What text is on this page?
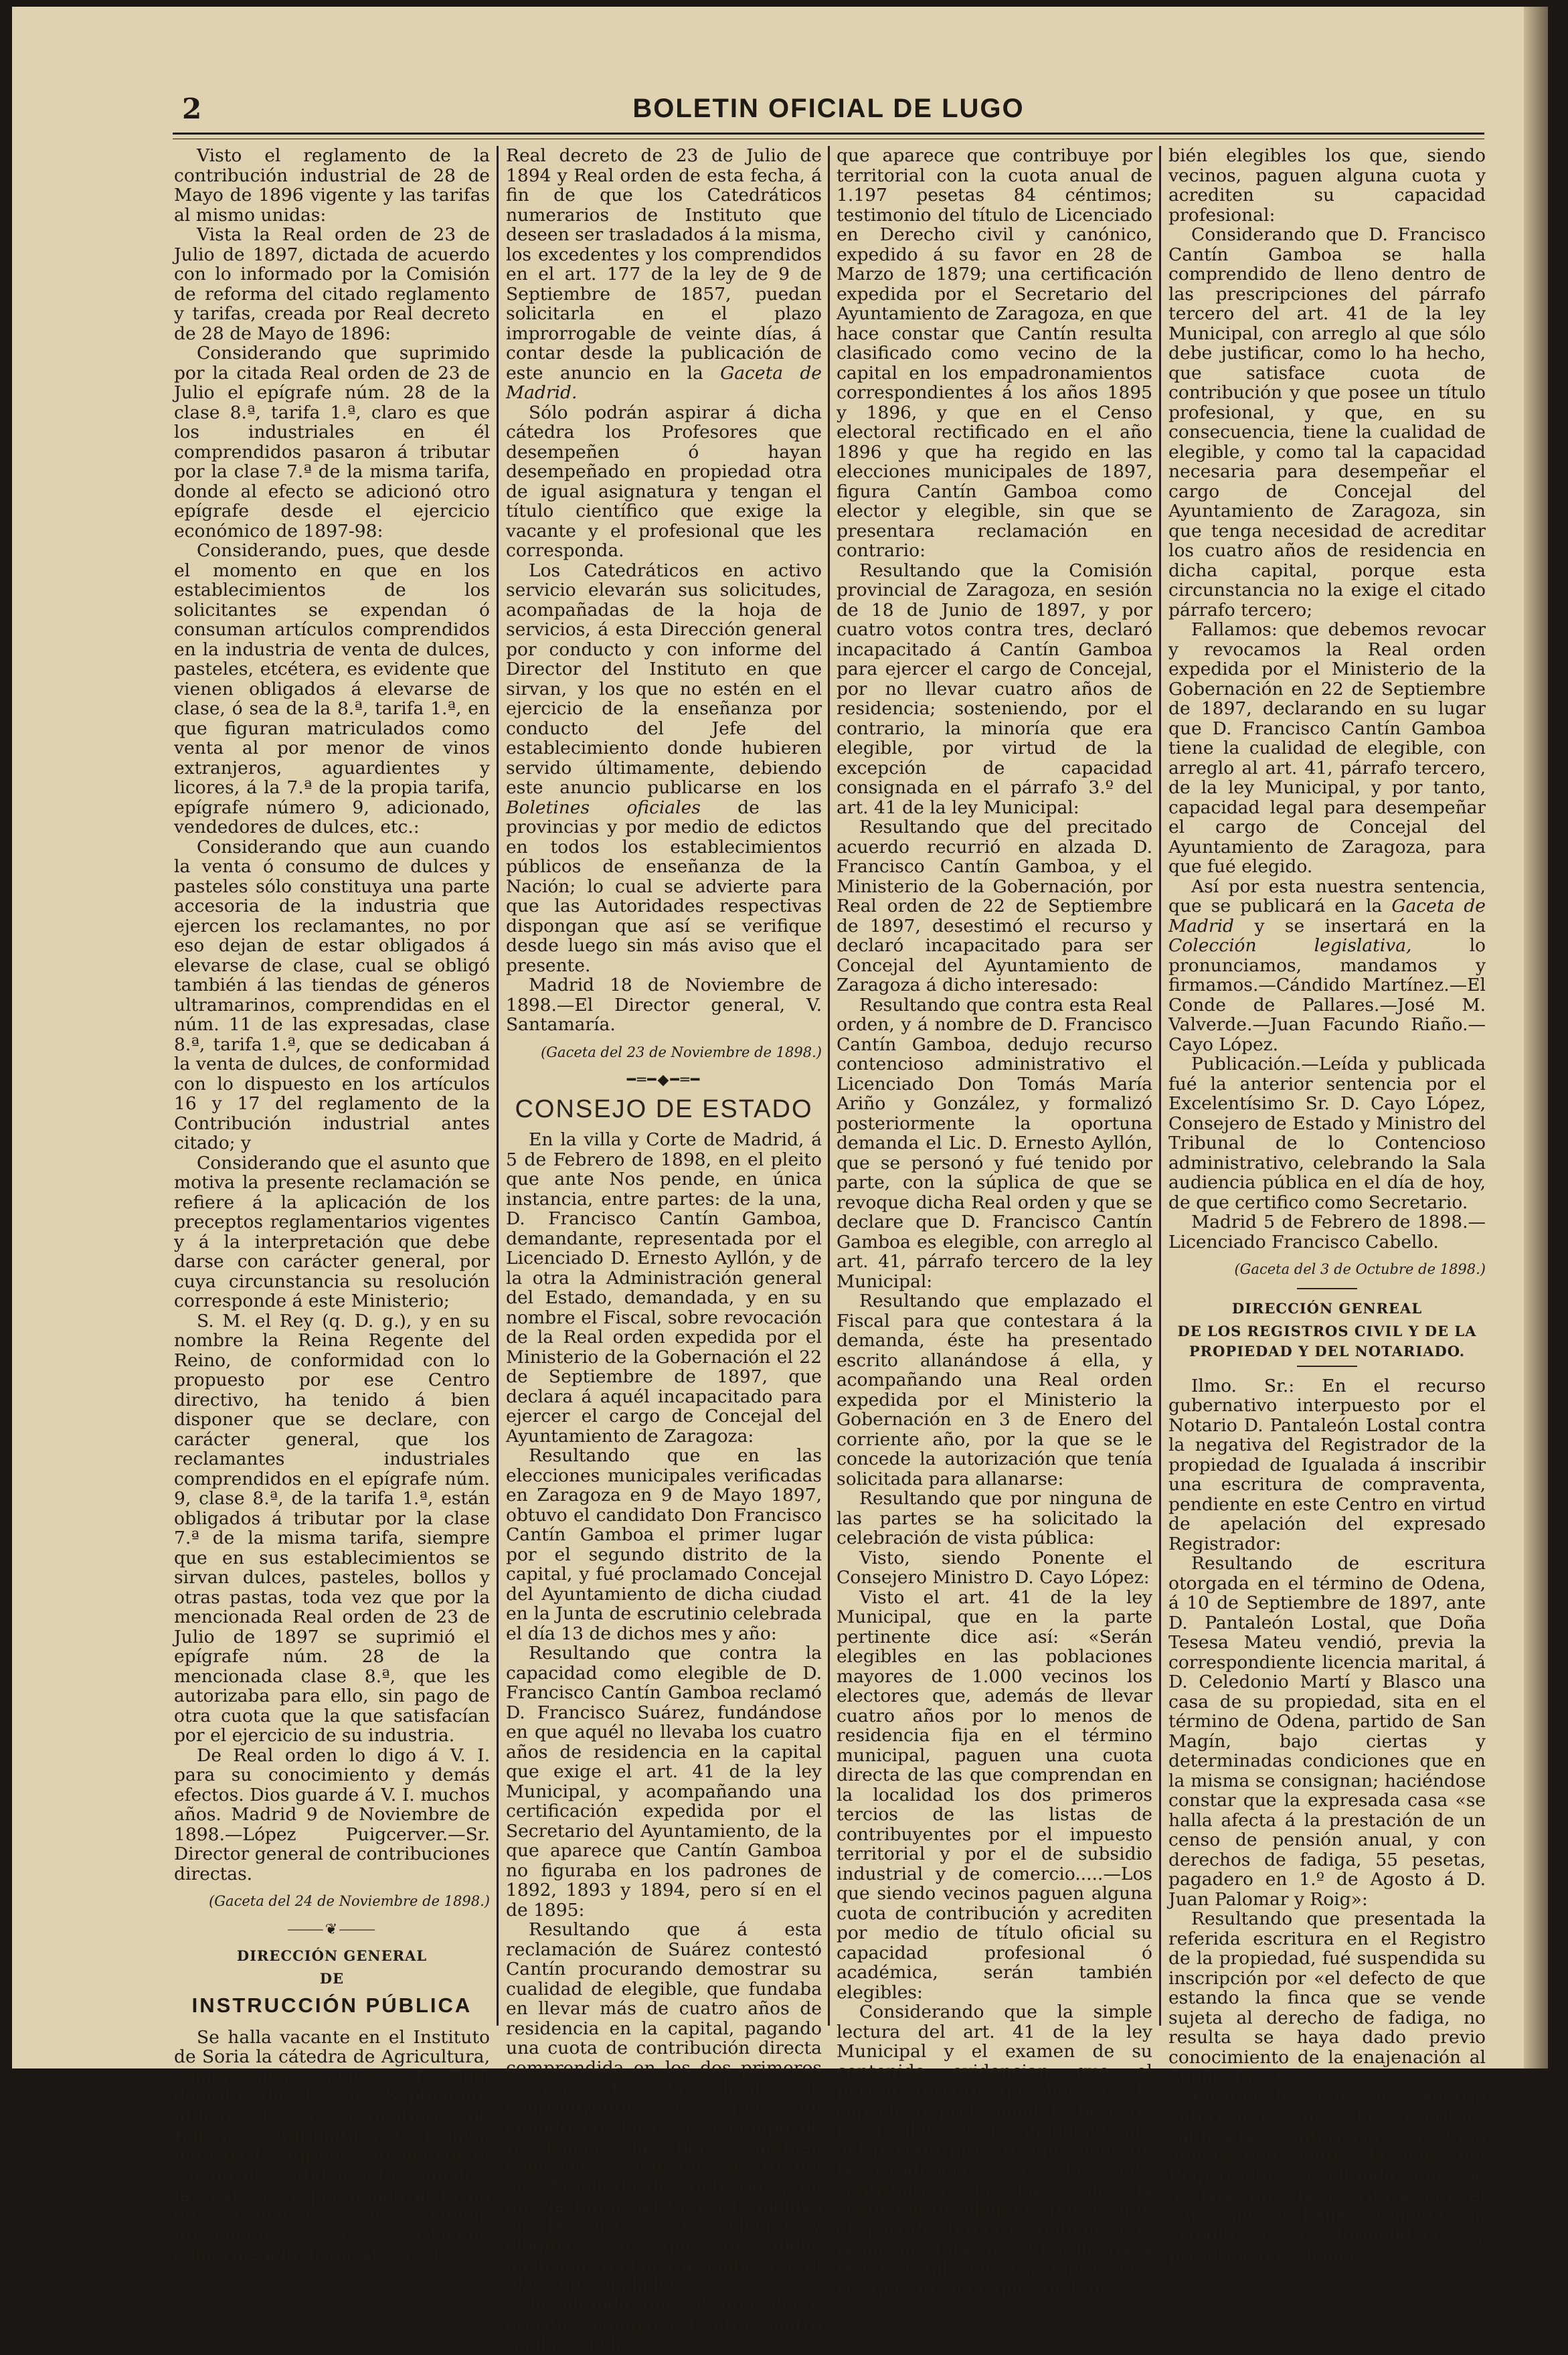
2	BOLETIN OFICIAL DE LUGO

Visto el reglamento de la contribución industrial de 28 de Mayo de 1896 vigente y las tarifas al mismo unidas:

Vista la Real orden de 23 de Julio de 1897, dictada de acuerdo con lo informado por la Comisión de reforma del citado reglamento y tarifas, creada por Real decreto de 28 de Mayo de 1896:

Considerando que suprimido por la citada Real orden de 23 de Julio el epígrafe núm. 28 de la clase 8.ª, tarifa 1.ª, claro es que los industriales en él comprendidos pasaron á tributar por la clase 7.ª de la misma tarifa, donde al efecto se adicionó otro epígrafe desde el ejercicio económico de 1897-98:

Considerando, pues, que desde el momento en que en los establecimientos de los solicitantes se expendan ó consuman artículos comprendidos en la industria de venta de dulces, pasteles, etcétera, es evidente que vienen obligados á elevarse de clase, ó sea de la 8.ª, tarifa 1.ª, en que figuran matriculados como venta al por menor de vinos extranjeros, aguardientes y licores, á la 7.ª de la propia tarifa, epígrafe número 9, adicionado, vendedores de dulces, etc.:

Considerando que aun cuando la venta ó consumo de dulces y pasteles sólo constituya una parte accesoria de la industria que ejercen los reclamantes, no por eso dejan de estar obligados á elevarse de clase, cual se obligó también á las tiendas de géneros ultramarinos, comprendidas en el núm. 11 de las expresadas, clase 8.ª, tarifa 1.ª, que se dedicaban á la venta de dulces, de conformidad con lo dispuesto en los artículos 16 y 17 del reglamento de la Contribución industrial antes citado; y

Considerando que el asunto que motiva la presente reclamación se refiere á la aplicación de los preceptos reglamentarios vigentes y á la interpretación que debe darse con carácter general, por cuya circunstancia su resolución corresponde á este Ministerio;

S. M. el Rey (q. D. g.), y en su nombre la Reina Regente del Reino, de conformidad con lo propuesto por ese Centro directivo, ha tenido á bien disponer que se declare, con carácter general, que los reclamantes industriales comprendidos en el epígrafe núm. 9, clase 8.ª, de la tarifa 1.ª, están obligados á tributar por la clase 7.ª de la misma tarifa, siempre que en sus establecimientos se sirvan dulces, pasteles, bollos y otras pastas, toda vez que por la mencionada Real orden de 23 de Julio de 1897 se suprimió el epígrafe núm. 28 de la mencionada clase 8.ª, que les autorizaba para ello, sin pago de otra cuota que la que satisfacían por el ejercicio de su industria.

De Real orden lo digo á V. I. para su conocimiento y demás efectos. Dios guarde á V. I. muchos años. Madrid 9 de Noviembre de 1898.—López Puigcerver.—Sr. Director general de contribuciones directas.

(Gaceta del 24 de Noviembre de 1898.)
⸻❦⸻
DIRECCIÓN GENERAL
DE
INSTRUCCIÓN PÚBLICA

Se halla vacante en el Instituto de Soria la cátedra de Agricultura, comprensiva, según el Real decreto de 13 de Septiembre último, de las asignaturas de Botánica, Agricultura y Técnica industrial y agrícola, dotada con el sueldo de 3.000 pesetas anuales, la cual, correspondiendo al turno de concurso, se anuncia previamente á traslación, conforme á lo dispuesto en el

Real decreto de 23 de Julio de 1894 y Real orden de esta fecha, á fin de que los Catedráticos numerarios de Instituto que deseen ser trasladados á la misma, los excedentes y los comprendidos en el art. 177 de la ley de 9 de Septiembre de 1857, puedan solicitarla en el plazo improrrogable de veinte días, á contar desde la publicación de este anuncio en la Gaceta de Madrid.

Sólo podrán aspirar á dicha cátedra los Profesores que desempeñen ó hayan desempeñado en propiedad otra de igual asignatura y tengan el título científico que exige la vacante y el profesional que les corresponda.

Los Catedráticos en activo servicio elevarán sus solicitudes, acompañadas de la hoja de servicios, á esta Dirección general por conducto y con informe del Director del Instituto en que sirvan, y los que no estén en el ejercicio de la enseñanza por conducto del Jefe del establecimiento donde hubieren servido últimamente, debiendo este anuncio publicarse en los Boletines oficiales de las provincias y por medio de edictos en todos los establecimientos públicos de enseñanza de la Nación; lo cual se advierte para que las Autoridades respectivas dispongan que así se verifique desde luego sin más aviso que el presente.

Madrid 18 de Noviembre de 1898.—El Director general, V. Santamaría.

(Gaceta del 23 de Noviembre de 1898.)
━═━◆━═━
CONSEJO DE ESTADO

En la villa y Corte de Madrid, á 5 de Febrero de 1898, en el pleito que ante Nos pende, en única instancia, entre partes: de la una, D. Francisco Cantín Gamboa, demandante, representada por el Licenciado D. Ernesto Ayllón, y de la otra la Administración general del Estado, demandada, y en su nombre el Fiscal, sobre revocación de la Real orden expedida por el Ministerio de la Gobernación el 22 de Septiembre de 1897, que declara á aquél incapacitado para ejercer el cargo de Concejal del Ayuntamiento de Zaragoza:

Resultando que en las elecciones municipales verificadas en Zaragoza en 9 de Mayo 1897, obtuvo el candidato Don Francisco Cantín Gamboa el primer lugar por el segundo distrito de la capital, y fué proclamado Concejal del Ayuntamiento de dicha ciudad en la Junta de escrutinio celebrada el día 13 de dichos mes y año:

Resultando que contra la capacidad como elegible de D. Francisco Cantín Gamboa reclamó D. Francisco Suárez, fundándose en que aquél no llevaba los cuatro años de residencia en la capital que exige el art. 41 de la ley Municipal, y acompañando una certificación expedida por el Secretario del Ayuntamiento, de la que aparece que Cantín Gamboa no figuraba en los padrones de 1892, 1893 y 1894, pero sí en el de 1895:

Resultando que á esta reclamación de Suárez contestó Cantín procurando demostrar su cualidad de elegible, que fundaba en llevar más de cuatro años de residencia en la capital, pagando una cuota de contribución directa comprendida en los dos primeros tercios de la lista de contribuyentes; en que aun cuando no llevara ese tiempo de residencia, la tiene también conforme al párrafo tercero del art. 41 citado de contrario; y en que la Junta del Censo le incluyó en las listas como elector y elegible, sin que de dicha inclusión reclamara nadie en el plazo que fija la ley:

Resultando que al precedente escrito acompañó Cantín cuatro recibos, de los

que aparece que contribuye por territorial con la cuota anual de 1.197 pesetas 84 céntimos; testimonio del título de Licenciado en Derecho civil y canónico, expedido á su favor en 28 de Marzo de 1879; una certificación expedida por el Secretario del Ayuntamiento de Zaragoza, en que hace constar que Cantín resulta clasificado como vecino de la capital en los empadronamientos correspondientes á los años 1895 y 1896, y que en el Censo electoral rectificado en el año 1896 y que ha regido en las elecciones municipales de 1897, figura Cantín Gamboa como elector y elegible, sin que se presentara reclamación en contrario:

Resultando que la Comisión provincial de Zaragoza, en sesión de 18 de Junio de 1897, y por cuatro votos contra tres, declaró incapacitado á Cantín Gamboa para ejercer el cargo de Concejal, por no llevar cuatro años de residencia; sosteniendo, por el contrario, la minoría que era elegible, por virtud de la excepción de capacidad consignada en el párrafo 3.º del art. 41 de la ley Municipal:

Resultando que del precitado acuerdo recurrió en alzada D. Francisco Cantín Gamboa, y el Ministerio de la Gobernación, por Real orden de 22 de Septiembre de 1897, desestimó el recurso y declaró incapacitado para ser Concejal del Ayuntamiento de Zaragoza á dicho interesado:

Resultando que contra esta Real orden, y á nombre de D. Francisco Cantín Gamboa, dedujo recurso contencioso administrativo el Licenciado Don Tomás María Ariño y González, y formalizó posteriormente la oportuna demanda el Lic. D. Ernesto Ayllón, que se personó y fué tenido por parte, con la súplica de que se revoque dicha Real orden y que se declare que D. Francisco Cantín Gamboa es elegible, con arreglo al art. 41, párrafo tercero de la ley Municipal:

Resultando que emplazado el Fiscal para que contestara á la demanda, éste ha presentado escrito allanándose á ella, y acompañando una Real orden expedida por el Ministerio la Gobernación en 3 de Enero del corriente año, por la que se le concede la autorización que tenía solicitada para allanarse:

Resultando que por ninguna de las partes se ha solicitado la celebración de vista pública:

Visto, siendo Ponente el Consejero Ministro D. Cayo López:

Visto el art. 41 de la ley Municipal, que en la parte pertinente dice así: «Serán elegibles en las poblaciones mayores de 1.000 vecinos los electores que, además de llevar cuatro años por lo menos de residencia fija en el término municipal, paguen una cuota directa de las que comprendan en la localidad los dos primeros tercios de las listas de contribuyentes por el impuesto territorial y por el de subsidio industrial y de comercio.....—Los que siendo vecinos paguen alguna cuota de contribución y acrediten por medio de título oficial su capacidad profesional ó académica, serán también elegibles:

Considerando que la simple lectura del art. 41 de la ley Municipal y el examen de su contenido evidencian que el párrafo tercero, que hace de la capacidad profesional la base de la elegibilidad, es independiente del párrafo primero, que hace de la residencia y de la cuota contributiva la base de la condición de elegible, puesto que el párrafo tercero contiene una regla absoluta, no subordinada á la que establece el primero, toda vez que previene que son tam-

bién elegibles los que, siendo vecinos, paguen alguna cuota y acrediten su capacidad profesional:

Considerando que D. Francisco Cantín Gamboa se halla comprendido de lleno dentro de las prescripciones del párrafo tercero del art. 41 de la ley Municipal, con arreglo al que sólo debe justificar, como lo ha hecho, que satisface cuota de contribución y que posee un título profesional, y que, en su consecuencia, tiene la cualidad de elegible, y como tal la capacidad necesaria para desempeñar el cargo de Concejal del Ayuntamiento de Zaragoza, sin que tenga necesidad de acreditar los cuatro años de residencia en dicha capital, porque esta circunstancia no la exige el citado párrafo tercero;

Fallamos: que debemos revocar y revocamos la Real orden expedida por el Ministerio de la Gobernación en 22 de Septiembre de 1897, declarando en su lugar que D. Francisco Cantín Gamboa tiene la cualidad de elegible, con arreglo al art. 41, párrafo tercero, de la ley Municipal, y por tanto, capacidad legal para desempeñar el cargo de Concejal del Ayuntamiento de Zaragoza, para que fué elegido.

Así por esta nuestra sentencia, que se publicará en la Gaceta de Madrid y se insertará en la Colección legislativa,	lo pronunciamos, mandamos y firmamos.—Cándido Martínez.—El Conde de Pallares.—José M. Valverde.—Juan Facundo Riaño.—Cayo López.

Publicación.—Leída y publicada fué la anterior sentencia por el Excelentísimo Sr. D. Cayo López, Consejero de Estado y Ministro del Tribunal de lo Contencioso administrativo, celebrando la Sala audiencia pública en el día de hoy, de que certifico como Secretario.

Madrid 5 de Febrero de 1898.—Licenciado Francisco Cabello.

(Gaceta del 3 de Octubre de 1898.)
DIRECCIÓN GENREAL
DE LOS REGISTROS CIVIL Y DE LA PROPIEDAD Y DEL NOTARIADO.

Ilmo. Sr.: En el recurso gubernativo interpuesto por el Notario D. Pantaleón Lostal contra la negativa del Registrador de la propiedad de Igualada á inscribir una escritura de compraventa, pendiente en este Centro en virtud de apelación del expresado Registrador:

Resultando de escritura otorgada en el término de Odena, á 10 de Septiembre de 1897, ante D. Pantaleón Lostal, que Doña Tesesa Mateu vendió, previa la correspondiente licencia marital, á D. Celedonio Martí y Blasco una casa de su propiedad, sita en el término de Odena, partido de San Magín, bajo ciertas y determinadas condiciones que en la misma se consignan; haciéndose constar que la expresada casa «se halla afecta á la prestación de un censo de pensión anual, y con derechos de fadiga, 55 pesetas, pagadero en 1.º de Agosto á D. Juan Palomar y Roig»:

Resultando que presentada la referida escritura en el Registro de la propiedad, fué suspendida su inscripción por «el defecto de que estando la finca que se vende sujeta al derecho de fadiga, no resulta se haya dado previo conocimiento de la enajenación al dueño directo»:

Resultando que el Notario autorizante de la escritura calificada interpuso recurso gubernativo contra la nota del Registrador, solicitando que se declare que la escritura por él autorizada se halla extendida con arreglo á las formalidades y prescripciones legales, y
